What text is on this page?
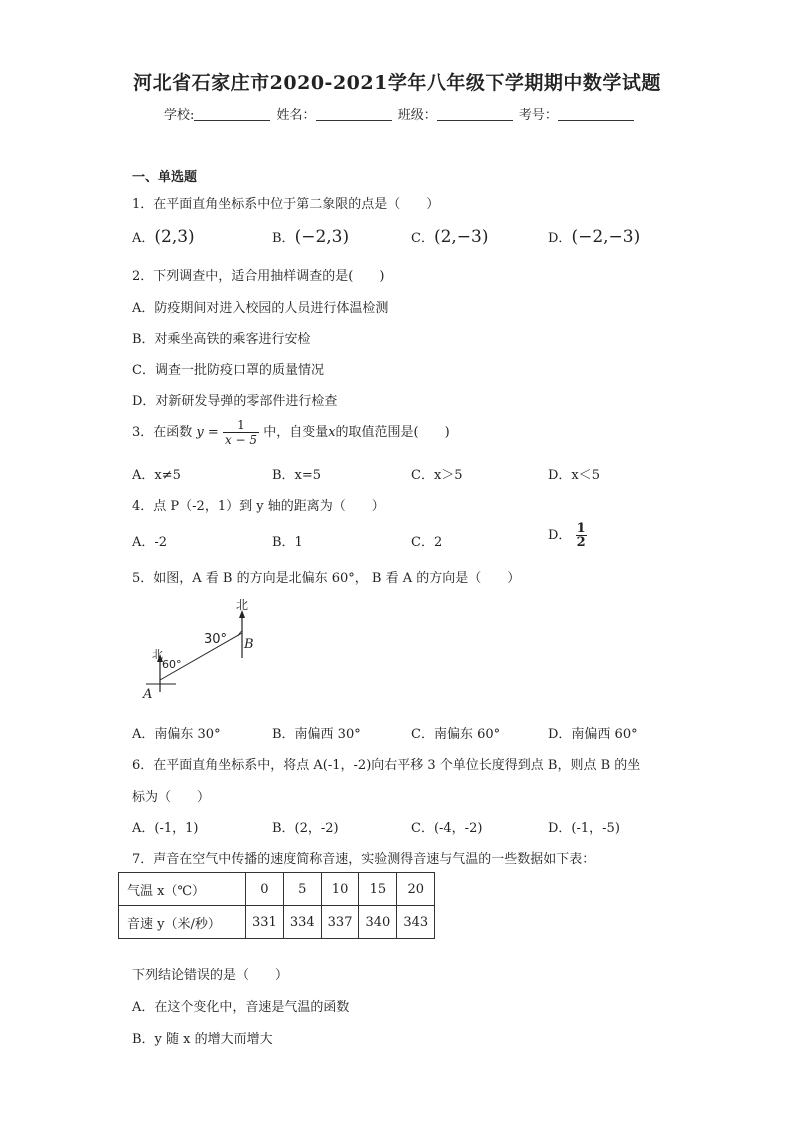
河北省石家庄市2020-2021学年八年级下学期期中数学试题
学校:	姓名：	班级：	考号：
一、单选题
1．在平面直角坐标系中位于第二象限的点是（　　）
A．(2,3)	B．(−2,3)	C．(2,−3)	D．(−2,−3)
2．下列调查中，适合用抽样调查的是(　　)
A．防疫期间对进入校园的人员进行体温检测
B．对乘坐高铁的乘客进行安检
C．调查一批防疫口罩的质量情况
D．对新研发导弹的零部件进行检查
3．在函数 $y = \frac{1}{x - 5}$ 中，自变量x的取值范围是(　　)
A．x≠5	B．x=5	C．x＞5	D．x＜5
4．点 P（-2，1）到 y 轴的距离为（　　）
A．-2	B．1	C．2	D． $\frac{1}{2}$
5．如图，A 看 B 的方向是北偏东 60°， B 看 A 的方向是（　　）
北
北
30°
60°
A
B
A．南偏东 30°	B．南偏西 30°	C．南偏东 60°	D．南偏西 60°
6．在平面直角坐标系中，将点 A(-1，-2)向右平移 3 个单位长度得到点 B，则点 B 的坐
标为（　　）
A．(-1，1)	B．(2，-2)	C．(-4，-2)	D．(-1，-5)
7．声音在空气中传播的速度简称音速，实验测得音速与气温的一些数据如下表：
气温 x（℃）	0	5	10	15	20
音速 y（米/秒）	331	334	337	340	343
下列结论错误的是（　　）
A．在这个变化中，音速是气温的函数
B．y 随 x 的增大而增大
